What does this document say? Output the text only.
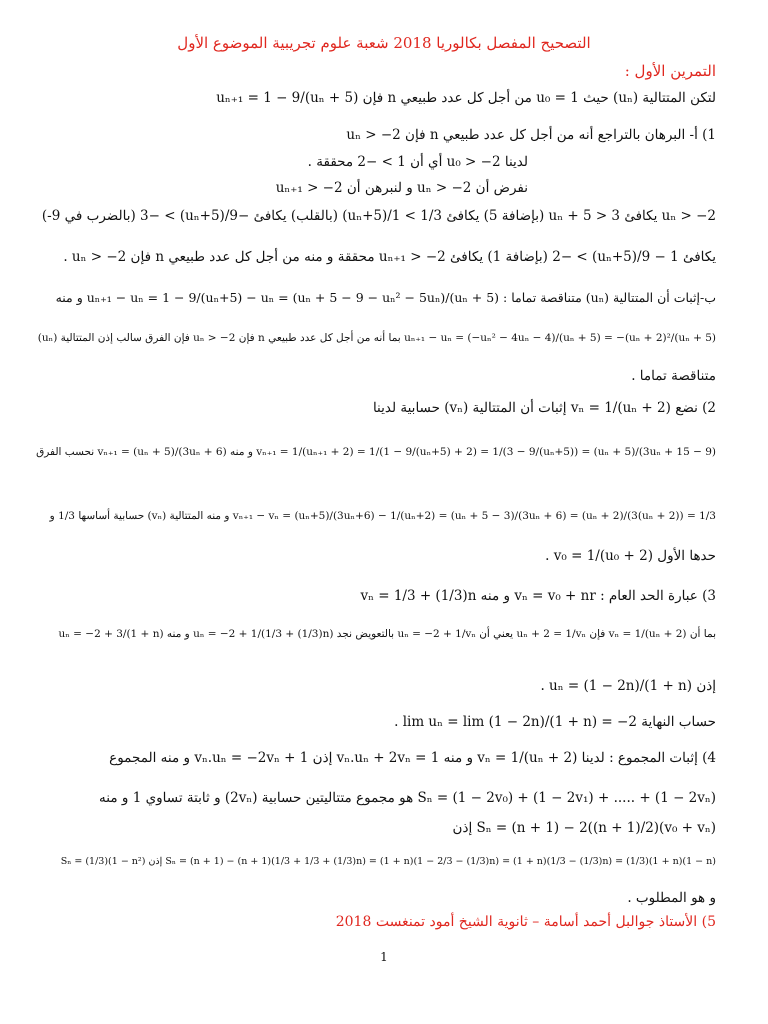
التصحيح المفصل بكالوريا 2018 شعبة علوم تجريبية الموضوع الأول
التمرين الأول :
لتكن المتتالية (uₙ) حيث u₀ = 1 من أجل كل عدد طبيعي n فإن uₙ₊₁ = 1 − 9/(uₙ + 5)
1) أ- البرهان بالتراجع أنه من أجل كل عدد طبيعي n فإن uₙ > −2
لدينا u₀ > −2 أي أن 1 > −2 محققة .
نفرض أن uₙ > −2 و لنبرهن أن uₙ₊₁ > −2
uₙ > −2 يكافئ uₙ + 5 > 3 (بإضافة 5) يكافئ 1/3 > 1/(uₙ+5) (بالقلب) يكافئ −9/(uₙ+5) > −3 (بالضرب في 9-)
يكافئ 1 − 9/(uₙ+5) > −2 (بإضافة 1) يكافئ uₙ₊₁ > −2 محققة و منه من أجل كل عدد طبيعي n فإن uₙ > −2 .
ب-إثبات أن المتتالية (uₙ) متناقصة تماما : uₙ₊₁ − uₙ = 1 − 9/(uₙ+5) − uₙ = (uₙ + 5 − 9 − uₙ² − 5uₙ)/(uₙ + 5) و منه
uₙ₊₁ − uₙ = (−uₙ² − 4uₙ − 4)/(uₙ + 5) = −(uₙ + 2)²/(uₙ + 5) بما أنه من أجل كل عدد طبيعي n فإن uₙ > −2 فإن الفرق سالب إذن المتتالية (uₙ)
متناقصة تماما .
2) نضع vₙ = 1/(uₙ + 2) إثبات أن المتتالية (vₙ) حسابية لدينا
vₙ₊₁ = 1/(uₙ₊₁ + 2) = 1/(1 − 9/(uₙ+5) + 2) = 1/(3 − 9/(uₙ+5)) = (uₙ + 5)/(3uₙ + 15 − 9) و منه vₙ₊₁ = (uₙ + 5)/(3uₙ + 6) نحسب الفرق
vₙ₊₁ − vₙ = (uₙ+5)/(3uₙ+6) − 1/(uₙ+2) = (uₙ + 5 − 3)/(3uₙ + 6) = (uₙ + 2)/(3(uₙ + 2)) = 1/3 و منه المتتالية (vₙ) حسابية أساسها 1/3 و
حدها الأول v₀ = 1/(u₀ + 2) .
3) عبارة الحد العام : vₙ = v₀ + nr و منه vₙ = 1/3 + (1/3)n
بما أن vₙ = 1/(uₙ + 2) فإن uₙ + 2 = 1/vₙ يعني أن uₙ = −2 + 1/vₙ بالتعويض نجد uₙ = −2 + 1/(1/3 + (1/3)n) و منه uₙ = −2 + 3/(1 + n)
إذن uₙ = (1 − 2n)/(1 + n) .
حساب النهاية lim uₙ = lim (1 − 2n)/(1 + n) = −2 .
4) إثبات المجموع : لدينا vₙ = 1/(uₙ + 2) و منه vₙ.uₙ + 2vₙ = 1 إذن vₙ.uₙ = −2vₙ + 1 و منه المجموع
Sₙ = (1 − 2v₀) + (1 − 2v₁) + ..... + (1 − 2vₙ) هو مجموع متتاليتين حسابية (2vₙ) و ثابتة تساوي 1 و منه
Sₙ = (n + 1) − 2((n + 1)/2)(v₀ + vₙ) إذن
Sₙ = (n + 1) − (n + 1)(1/3 + 1/3 + (1/3)n) = (1 + n)(1 − 2/3 − (1/3)n) = (1 + n)(1/3 − (1/3)n) = (1/3)(1 + n)(1 − n) إذن Sₙ = (1/3)(1 − n²)
و هو المطلوب .
5) الأستاذ جوالبل أحمد أسامة – ثانوية الشيخ أمود تمنغست 2018
1
